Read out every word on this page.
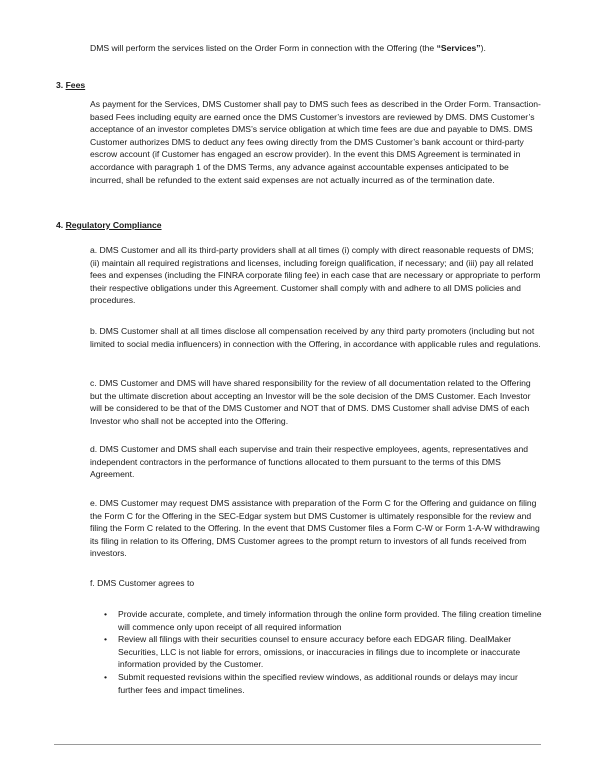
DMS will perform the services listed on the Order Form in connection with the Offering (the “Services”).

3. Fees

As payment for the Services, DMS Customer shall pay to DMS such fees as described in the Order Form. Transaction-based Fees including equity are earned once the DMS Customer’s investors are reviewed by DMS. DMS Customer’s acceptance of an investor completes DMS’s service obligation at which time fees are due and payable to DMS. DMS Customer authorizes DMS to deduct any fees owing directly from the DMS Customer’s bank account or third-party escrow account (if Customer has engaged an escrow provider). In the event this DMS Agreement is terminated in accordance with paragraph 1 of the DMS Terms, any advance against accountable expenses anticipated to be incurred, shall be refunded to the extent said expenses are not actually incurred as of the termination date.

4. Regulatory Compliance

a. DMS Customer and all its third-party providers shall at all times (i) comply with direct reasonable requests of DMS; (ii) maintain all required registrations and licenses, including foreign qualification, if necessary; and (iii) pay all related fees and expenses (including the FINRA corporate filing fee) in each case that are necessary or appropriate to perform their respective obligations under this Agreement. Customer shall comply with and adhere to all DMS policies and procedures.

b. DMS Customer shall at all times disclose all compensation received by any third party promoters (including but not limited to social media influencers) in connection with the Offering, in accordance with applicable rules and regulations.

c. DMS Customer and DMS will have shared responsibility for the review of all documentation related to the Offering but the ultimate discretion about accepting an Investor will be the sole decision of the DMS Customer. Each Investor will be considered to be that of the DMS Customer and NOT that of DMS. DMS Customer shall advise DMS of each Investor who shall not be accepted into the Offering.

d. DMS Customer and DMS shall each supervise and train their respective employees, agents, representatives and independent contractors in the performance of functions allocated to them pursuant to the terms of this DMS Agreement.

e. DMS Customer may request DMS assistance with preparation of the Form C for the Offering and guidance on filing the Form C for the Offering in the SEC-Edgar system but DMS Customer is ultimately responsible for the review and filing the Form C related to the Offering. In the event that DMS Customer files a Form C-W or Form 1-A-W withdrawing its filing in relation to its Offering, DMS Customer agrees to the prompt return to investors of all funds received from investors.

f. DMS Customer agrees to

• Provide accurate, complete, and timely information through the online form provided. The filing creation timeline will commence only upon receipt of all required information
• Review all filings with their securities counsel to ensure accuracy before each EDGAR filing. DealMaker Securities, LLC is not liable for errors, omissions, or inaccuracies in filings due to incomplete or inaccurate information provided by the Customer.
• Submit requested revisions within the specified review windows, as additional rounds or delays may incur further fees and impact timelines.
